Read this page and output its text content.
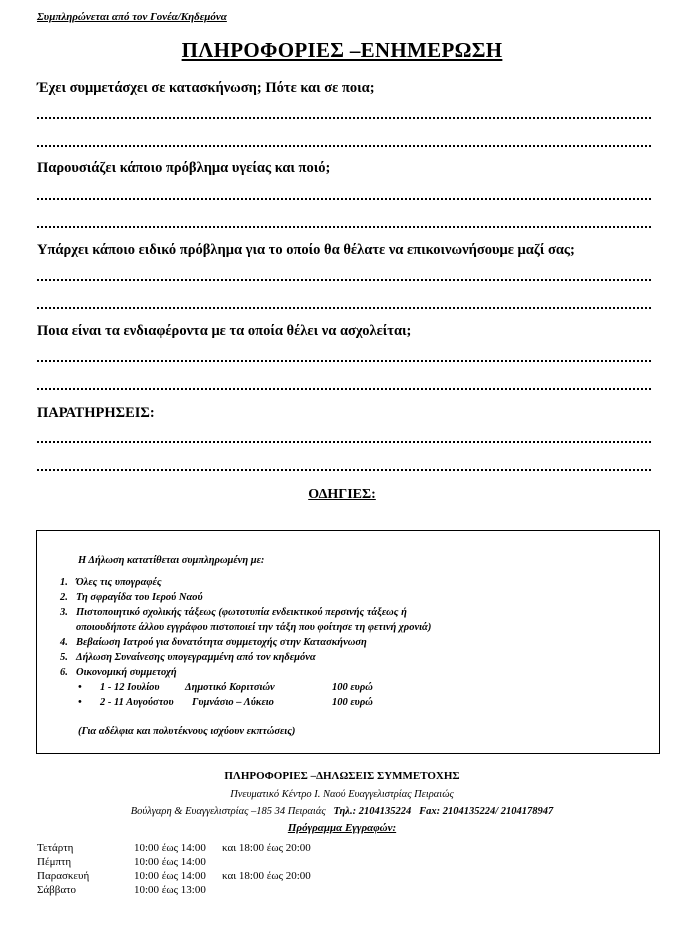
Συμπληρώνεται από τον Γονέα/Κηδεμόνα
ΠΛΗΡΟΦΟΡΙΕΣ –ΕΝΗΜΕΡΩΣΗ
Έχει συμμετάσχει σε κατασκήνωση; Πότε και σε ποια;
Παρουσιάζει κάποιο πρόβλημα υγείας και ποιό;
Υπάρχει κάποιο ειδικό πρόβλημα για το οποίο θα θέλατε να επικοινωνήσουμε μαζί σας;
Ποια είναι τα ενδιαφέροντα με τα οποία θέλει να ασχολείται;
ΠΑΡΑΤΗΡΗΣΕΙΣ:
ΟΔΗΓΙΕΣ:
Η Δήλωση κατατίθεται συμπληρωμένη με:
1. Όλες τις υπογραφές
2. Τη σφραγίδα του Ιερού Ναού
3. Πιστοποιητικό σχολικής τάξεως (φωτοτυπία ενδεικτικού περσινής τάξεως ή
οποιουδήποτε άλλου εγγράφου πιστοποιεί την τάξη που φοίτησε τη φετινή χρονιά)
4. Βεβαίωση Ιατρού για δυνατότητα συμμετοχής στην Κατασκήνωση
5. Δήλωση Συναίνεσης υπογεγραμμένη από τον κηδεμόνα
6. Οικονομική συμμετοχή
• 1 - 12 Ιουλίου Δημοτικό Κοριτσιών	100 ευρώ
• 2 - 11 Αυγούστου Γυμνάσιο – Λύκειο	100 ευρώ
(Για αδέλφια και πολυτέκνους ισχύουν εκπτώσεις)
ΠΛΗΡΟΦΟΡΙΕΣ –ΔΗΛΩΣΕΙΣ ΣΥΜΜΕΤΟΧΗΣ
Πνευματικό Κέντρο Ι. Ναού Ευαγγελιστρίας Πειραιώς
Βούλγαρη & Ευαγγελιστρίας –185 34 Πειραιάς Τηλ.: 2104135224 Fax: 2104135224/ 2104178947
Πρόγραμμα Εγγραφών:
Τετάρτη	10:00 έως 14:00 και 18:00 έως 20:00
Πέμπτη	10:00 έως 14:00
Παρασκευή	10:00 έως 14:00 και 18:00 έως 20:00
Σάββατο	10:00 έως 13:00
